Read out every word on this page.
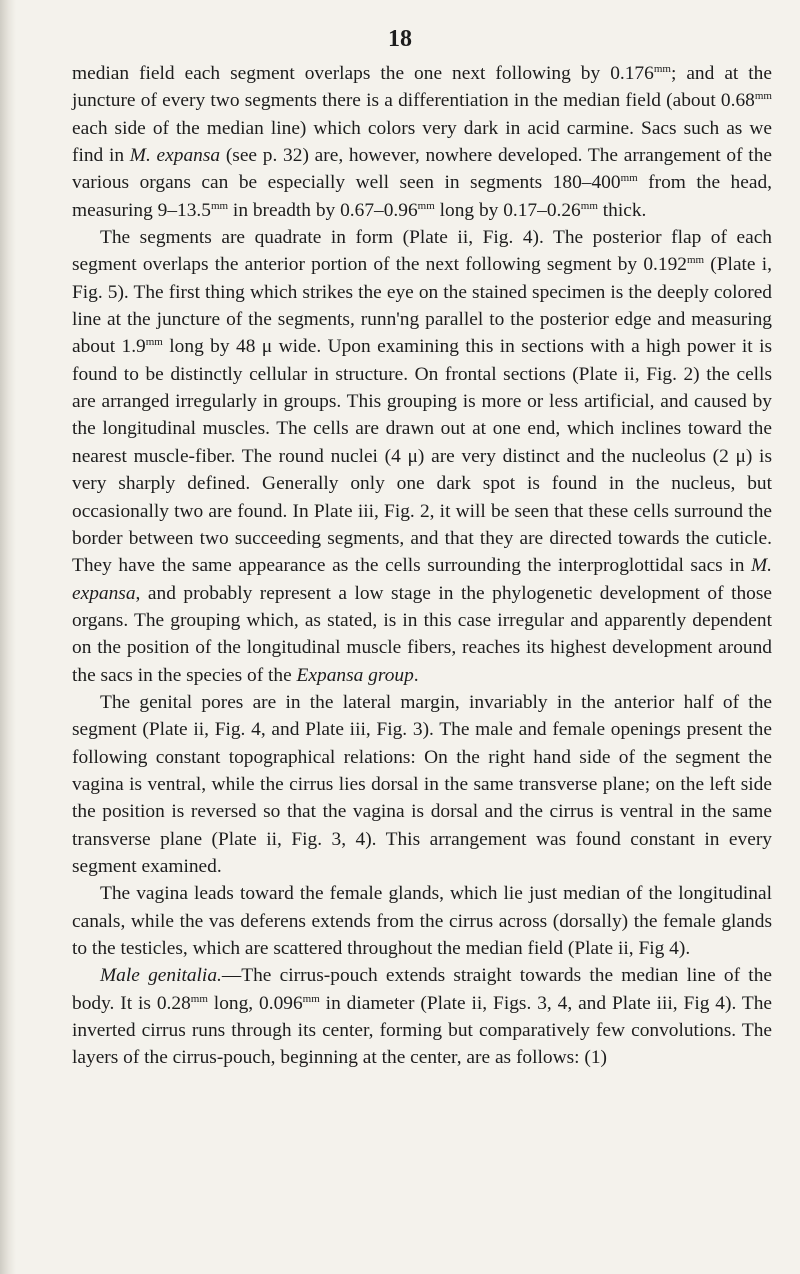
18

median field each segment overlaps the one next following by $0.176^{mm}$; and at the juncture of every two segments there is a differentiation in the median field (about $0.68^{mm}$ each side of the median line) which colors very dark in acid carmine. Sacs such as we find in M. expansa (see p. 32) are, however, nowhere developed. The arrangement of the various organs can be especially well seen in segments $180-400^{mm}$ from the head, measuring $9-13.5^{mm}$ in breadth by $0.67-0.96^{mm}$ long by $0.17-0.26^{mm}$ thick.

The segments are quadrate in form (Plate ii, Fig. 4). The posterior flap of each segment overlaps the anterior portion of the next following segment by $0.192^{mm}$ (Plate i, Fig. 5). The first thing which strikes the eye on the stained specimen is the deeply colored line at the juncture of the segments, runn'ng parallel to the posterior edge and measuring about $1.9^{mm}$ long by 48 μ wide. Upon examining this in sections with a high power it is found to be distinctly cellular in structure. On frontal sections (Plate ii, Fig. 2) the cells are arranged irregularly in groups. This grouping is more or less artificial, and caused by the longitudinal muscles. The cells are drawn out at one end, which inclines toward the nearest muscle-fiber. The round nuclei (4 μ) are very distinct and the nucleolus (2 μ) is very sharply defined. Generally only one dark spot is found in the nucleus, but occasionally two are found. In Plate iii, Fig. 2, it will be seen that these cells surround the border between two succeeding segments, and that they are directed towards the cuticle. They have the same appearance as the cells surrounding the interproglottidal sacs in M. expansa, and probably represent a low stage in the phylogenetic development of those organs. The grouping which, as stated, is in this case irregular and apparently dependent on the position of the longitudinal muscle fibers, reaches its highest development around the sacs in the species of the Expansa group.

The genital pores are in the lateral margin, invariably in the anterior half of the segment (Plate ii, Fig. 4, and Plate iii, Fig. 3). The male and female openings present the following constant topographical relations: On the right hand side of the segment the vagina is ventral, while the cirrus lies dorsal in the same transverse plane; on the left side the position is reversed so that the vagina is dorsal and the cirrus is ventral in the same transverse plane (Plate ii, Fig. 3, 4). This arrangement was found constant in every segment examined.

The vagina leads toward the female glands, which lie just median of the longitudinal canals, while the vas deferens extends from the cirrus across (dorsally) the female glands to the testicles, which are scattered throughout the median field (Plate ii, Fig 4).

Male genitalia.—The cirrus-pouch extends straight towards the median line of the body. It is $0.28^{mm}$ long, $0.096^{mm}$ in diameter (Plate ii, Figs. 3, 4, and Plate iii, Fig 4). The inverted cirrus runs through its center, forming but comparatively few convolutions. The layers of the cirrus-pouch, beginning at the center, are as follows: (1)
